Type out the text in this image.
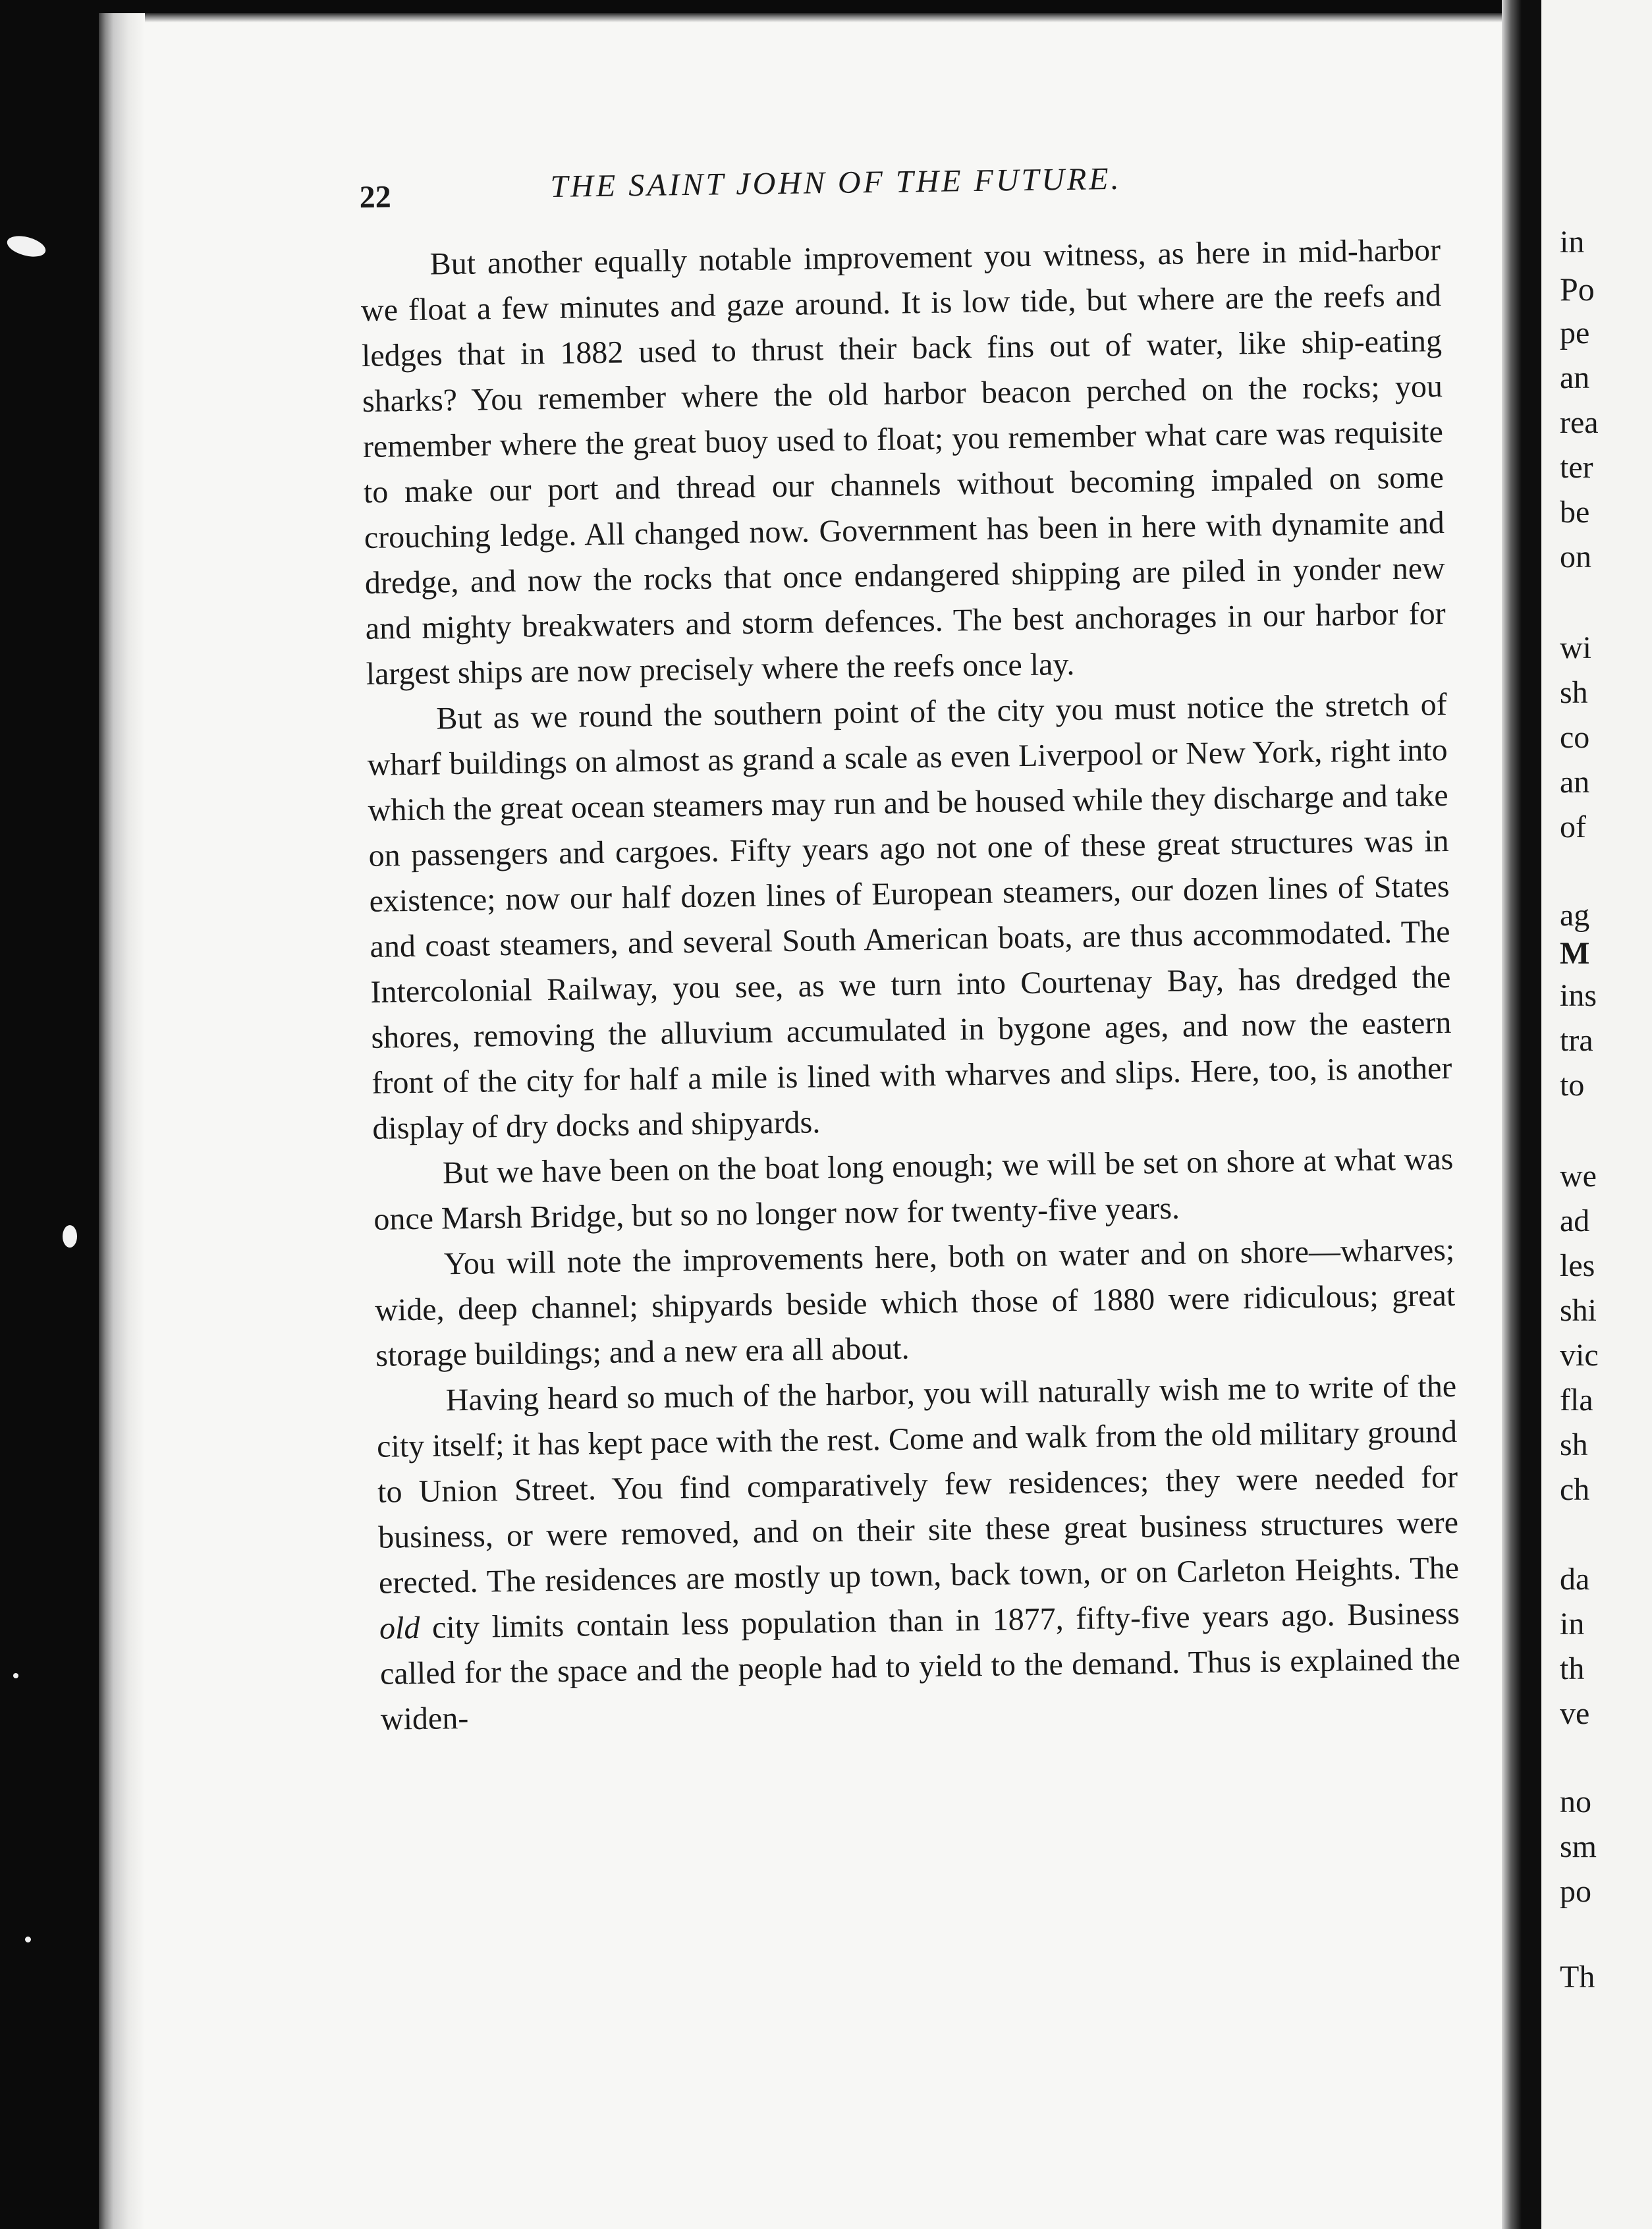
22	THE SAINT JOHN OF THE FUTURE.

But another equally notable improvement you witness, as here in mid-harbor we float a few minutes and gaze around. It is low tide, but where are the reefs and ledges that in 1882 used to thrust their back fins out of water, like ship-eating sharks? You remember where the old harbor beacon perched on the rocks; you remember where the great buoy used to float; you remember what care was requisite to make our port and thread our channels without becoming impaled on some crouching ledge. All changed now. Government has been in here with dynamite and dredge, and now the rocks that once endangered shipping are piled in yonder new and mighty breakwaters and storm defences. The best anchorages in our harbor for largest ships are now precisely where the reefs once lay.

But as we round the southern point of the city you must notice the stretch of wharf buildings on almost as grand a scale as even Liverpool or New York, right into which the great ocean steamers may run and be housed while they discharge and take on passengers and cargoes. Fifty years ago not one of these great structures was in existence; now our half dozen lines of European steamers, our dozen lines of States and coast steamers, and several South American boats, are thus accommodated. The Intercolonial Railway, you see, as we turn into Courtenay Bay, has dredged the shores, removing the alluvium accumulated in bygone ages, and now the eastern front of the city for half a mile is lined with wharves and slips. Here, too, is another display of dry docks and shipyards.

But we have been on the boat long enough; we will be set on shore at what was once Marsh Bridge, but so no longer now for twenty-five years.

You will note the improvements here, both on water and on shore—wharves; wide, deep channel; shipyards beside which those of 1880 were ridiculous; great storage buildings; and a new era all about.

Having heard so much of the harbor, you will naturally wish me to write of the city itself; it has kept pace with the rest. Come and walk from the old military ground to Union Street. You find comparatively few residences; they were needed for business, or were removed, and on their site these great business structures were erected. The residences are mostly up town, back town, or on Carleton Heights. The old city limits contain less population than in 1877, fifty-five years ago. Business called for the space and the people had to yield to the demand. Thus is explained the widen-

in
Po
pe
an
rea
ter
be
on
wi
sh
co
an
of
ag
M
ins
tra
to
we
ad
les
shi
vic
fla
sh
ch
da
in
th
ve
no
sm
po
Th
